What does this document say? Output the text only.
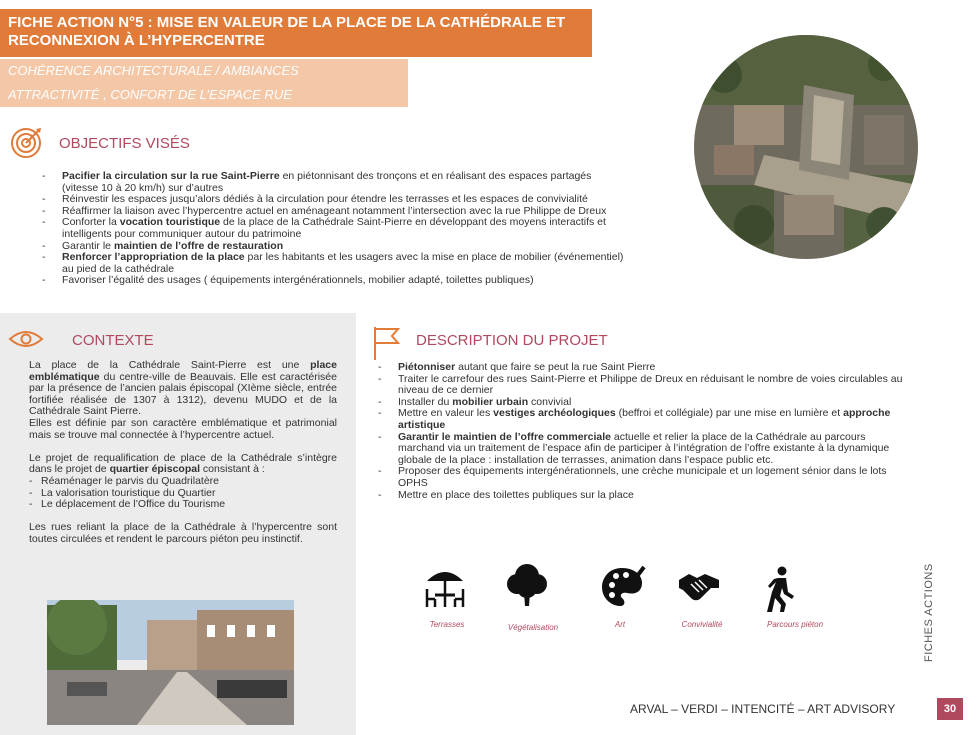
FICHE ACTION N°5 : MISE EN VALEUR DE LA PLACE DE LA CATHÉDRALE ET RECONNEXION À L’HYPERCENTRE
COHÉRENCE ARCHITECTURALE / AMBIANCES
ATTRACTIVITÉ , CONFORT DE L’ESPACE RUE
OBJECTIFS VISÉS
- Pacifier la circulation sur la rue Saint-Pierre en piétonnisant des tronçons et en réalisant des espaces partagés (vitesse 10 à 20 km/h) sur d’autres
- Réinvestir les espaces jusqu’alors dédiés à la circulation pour étendre les terrasses et les espaces de convivialité
- Réaffirmer la liaison avec l’hypercentre actuel en aménageant notamment l’intersection avec la rue Philippe de Dreux
- Conforter la vocation touristique de la place de la Cathédrale Saint-Pierre en développant des moyens interactifs et intelligents pour communiquer autour du patrimoine
- Garantir le maintien de l’offre de restauration
- Renforcer l’appropriation de la place par les habitants et les usagers avec la mise en place de mobilier (événementiel) au pied de la cathédrale
- Favoriser l’égalité des usages ( équipements intergénérationnels, mobilier adapté, toilettes publiques)
CONTEXTE

La place de la Cathédrale Saint-Pierre est une place emblématique du centre-ville de Beauvais. Elle est caractérisée par la présence de l’ancien palais épiscopal (XIème siècle, entrée fortifiée réalisée de 1307 à 1312), devenu MUDO et de la Cathédrale Saint Pierre.

Elles est définie par son caractère emblématique et patrimonial mais se trouve mal connectée à l’hypercentre actuel.

Le projet de requalification de place de la Cathédrale s’intègre dans le projet de quartier épiscopal consistant à :

- Réaménager le parvis du Quadrilatère
- La valorisation touristique du Quartier
- Le déplacement de l’Office du Tourisme

Les rues reliant la place de la Cathédrale à l’hypercentre sont toutes circulées et rendent le parcours piéton peu instinctif.

DESCRIPTION DU PROJET
- Piétonniser autant que faire se peut la rue Saint Pierre
- Traiter le carrefour des rues Saint-Pierre et Philippe de Dreux en réduisant le nombre de voies circulables au niveau de ce dernier
- Installer du mobilier urbain convivial
- Mettre en valeur les vestiges archéologiques (beffroi et collégiale) par une mise en lumière et approche artistique
- Garantir le maintien de l’offre commerciale actuelle et relier la place de la Cathédrale au parcours marchand via un traitement de l’espace afin de participer à l’intégration de l’offre existante à la dynamique globale de la place : installation de terrasses, animation dans l’espace public etc.
- Proposer des équipements intergénérationnels, une crèche municipale et un logement sénior dans le lots OPHS
- Mettre en place des toilettes publiques sur la place
Terrasses	Végétalisation	Art	Convivialité	Parcours piéton	FICHES ACTIONS
ARVAL – VERDI – INTENCITÉ – ART ADVISORY	30
